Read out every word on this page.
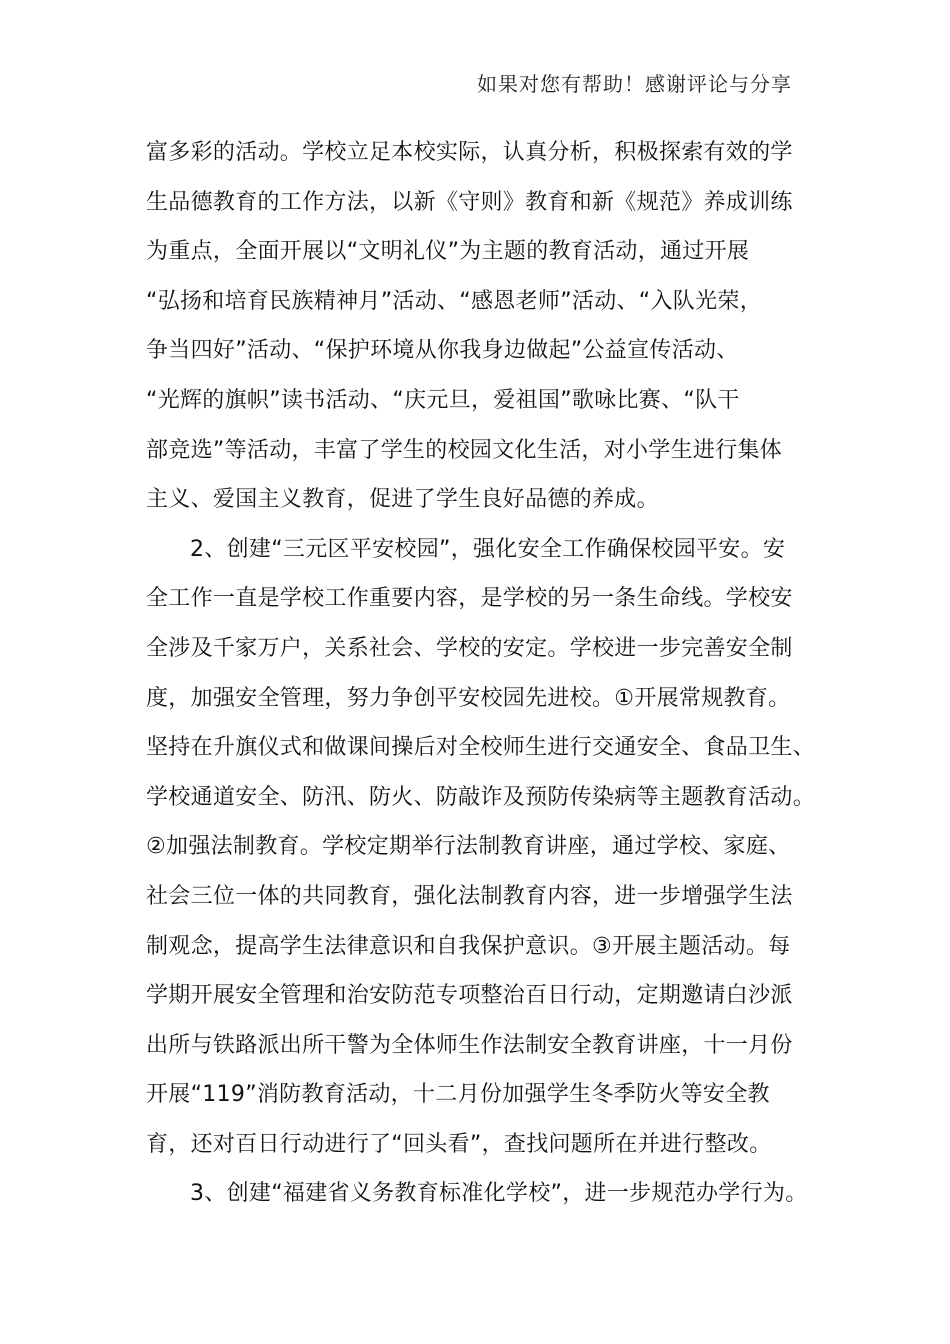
如果对您有帮助！感谢评论与分享
富多彩的活动。学校立足本校实际，认真分析，积极探索有效的学
生品德教育的工作方法，以新《守则》教育和新《规范》养成训练
为重点，全面开展以“文明礼仪”为主题的教育活动，通过开展
“弘扬和培育民族精神月”活动、“感恩老师”活动、“入队光荣，
争当四好”活动、“保护环境从你我身边做起”公益宣传活动、
“光辉的旗帜”读书活动、“庆元旦，爱祖国”歌咏比赛、“队干
部竞选”等活动，丰富了学生的校园文化生活，对小学生进行集体
主义、爱国主义教育，促进了学生良好品德的养成。
2、创建“三元区平安校园”，强化安全工作确保校园平安。安
全工作一直是学校工作重要内容，是学校的另一条生命线。学校安
全涉及千家万户，关系社会、学校的安定。学校进一步完善安全制
度，加强安全管理，努力争创平安校园先进校。①开展常规教育。
坚持在升旗仪式和做课间操后对全校师生进行交通安全、食品卫生、
学校通道安全、防汛、防火、防敲诈及预防传染病等主题教育活动。
②加强法制教育。学校定期举行法制教育讲座，通过学校、家庭、
社会三位一体的共同教育，强化法制教育内容，进一步增强学生法
制观念，提高学生法律意识和自我保护意识。③开展主题活动。每
学期开展安全管理和治安防范专项整治百日行动，定期邀请白沙派
出所与铁路派出所干警为全体师生作法制安全教育讲座，十一月份
开展“119”消防教育活动，十二月份加强学生冬季防火等安全教
育，还对百日行动进行了“回头看”，查找问题所在并进行整改。
3、创建“福建省义务教育标准化学校”，进一步规范办学行为。
